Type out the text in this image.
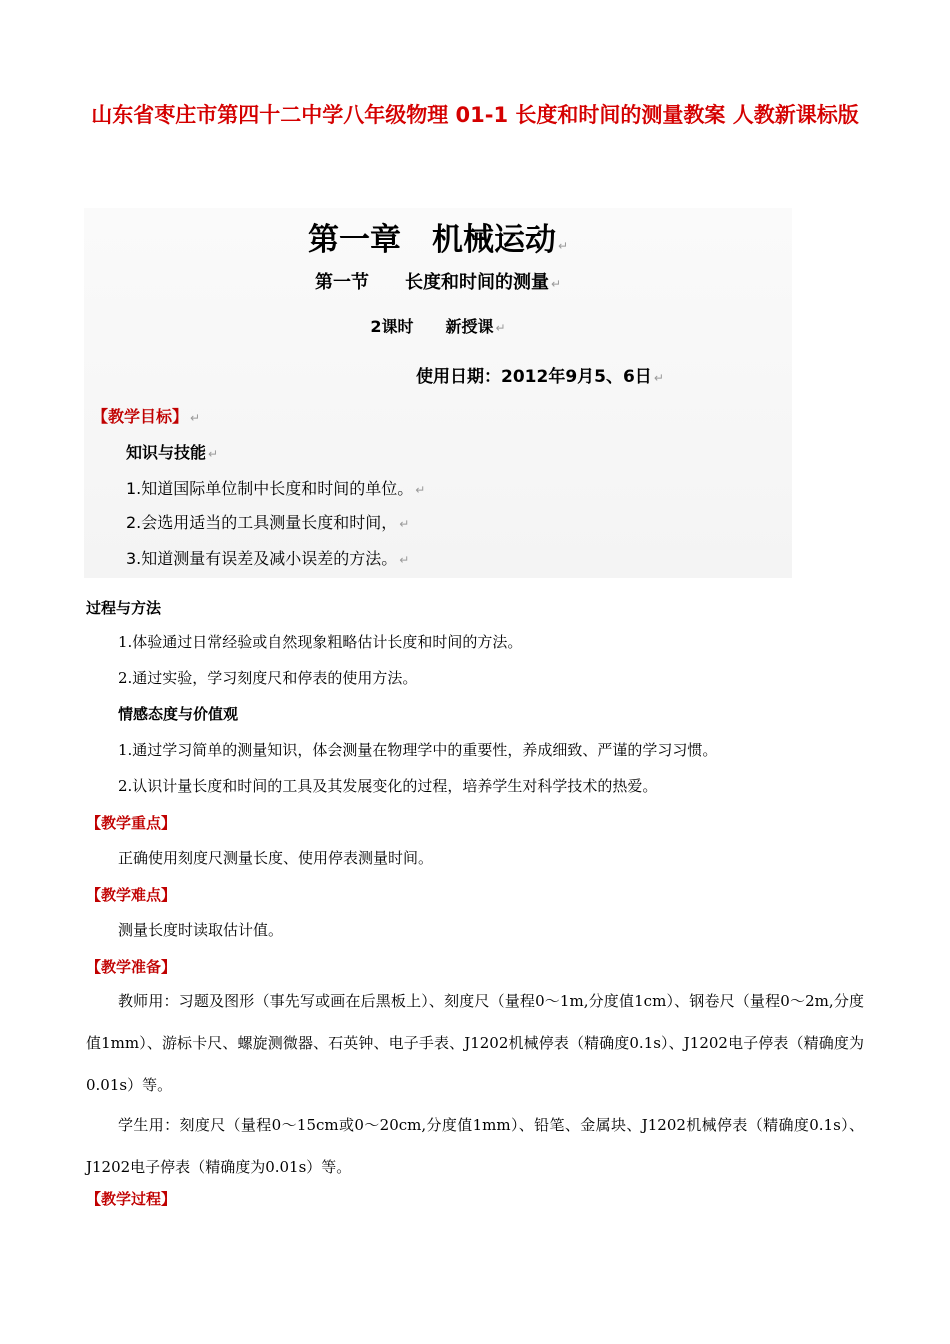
山东省枣庄市第四十二中学八年级物理 01-1 长度和时间的测量教案 人教新课标版
第一章　机械运动 ↵
第一节　　长度和时间的测量 ↵
2课时　　新授课 ↵
使用日期：2012年9月5、6日 ↵
【教学目标】 ↵
知识与技能 ↵
1.知道国际单位制中长度和时间的单位。 ↵
2.会选用适当的工具测量长度和时间， ↵
3.知道测量有误差及减小误差的方法。 ↵
过程与方法
1.体验通过日常经验或自然现象粗略估计长度和时间的方法。
2.通过实验，学习刻度尺和停表的使用方法。
情感态度与价值观
1.通过学习简单的测量知识，体会测量在物理学中的重要性，养成细致、严谨的学习习惯。
2.认识计量长度和时间的工具及其发展变化的过程，培养学生对科学技术的热爱。
【教学重点】
正确使用刻度尺测量长度、使用停表测量时间。
【教学难点】
测量长度时读取估计值。
【教学准备】
教师用：习题及图形（事先写或画在后黑板上）、刻度尺（量程0～1m,分度值1cm）、钢卷尺（量程0～2m,分度值1mm）、游标卡尺、螺旋测微器、石英钟、电子手表、J1202机械停表（精确度0.1s）、J1202电子停表（精确度为0.01s）等。
学生用：刻度尺（量程0～15cm或0～20cm,分度值1mm）、铅笔、金属块、J1202机械停表（精确度0.1s）、J1202电子停表（精确度为0.01s）等。
【教学过程】
